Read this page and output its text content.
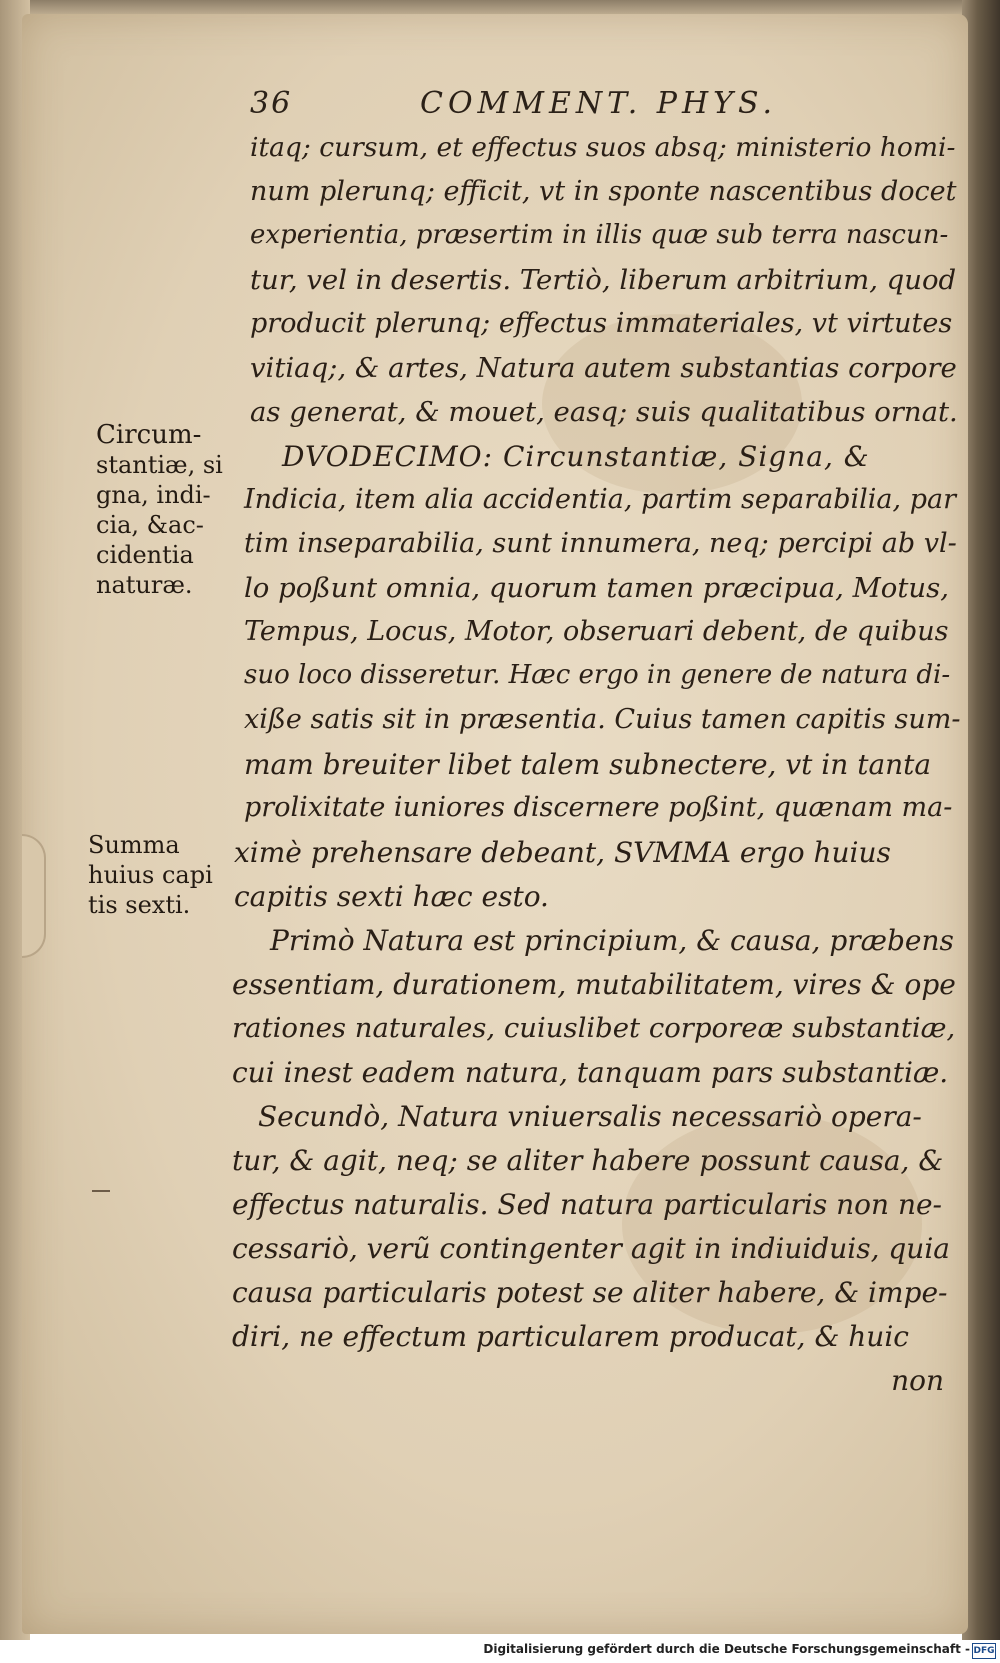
36	COMMENT. PHYS.
Circum-
stantiæ, si
gna, indi-
cia, &ac-
cidentia
naturæ.
Summa
huius capi
tis sexti.
itaq; cursum, et effectus suos absq; ministerio homi-
num plerunq; efficit, vt in sponte nascentibus docet
experientia, præsertim in illis quæ sub terra nascun-
tur, vel in desertis. Tertiò, liberum arbitrium, quod
producit plerunq; effectus immateriales, vt virtutes
vitiaq;, & artes, Natura autem substantias corpore
as generat, & mouet, easq; suis qualitatibus ornat.
DVODECIMO: Circunstantiæ, Signa, &
Indicia, item alia accidentia, partim separabilia, par
tim inseparabilia, sunt innumera, neq; percipi ab vl-
lo poßunt omnia, quorum tamen præcipua, Motus,
Tempus, Locus, Motor, obseruari debent, de quibus
suo loco disseretur. Hæc ergo in genere de natura di-
xiße satis sit in præsentia. Cuius tamen capitis sum-
mam breuiter libet talem subnectere, vt in tanta
prolixitate iuniores discernere poßint, quænam ma-
ximè prehensare debeant, SVMMA ergo huius
capitis sexti hæc esto.
Primò Natura est principium, & causa, præbens
essentiam, durationem, mutabilitatem, vires & ope
rationes naturales, cuiuslibet corporeæ substantiæ,
cui inest eadem natura, tanquam pars substantiæ.
Secundò, Natura vniuersalis necessariò opera-
tur, & agit, neq; se aliter habere possunt causa, &
effectus naturalis. Sed natura particularis non ne-
cessariò, verũ contingenter agit in indiuiduis, quia
causa particularis potest se aliter habere, & impe-
diri, ne effectum particularem producat, & huic
non
Digitalisierung gefördert durch die Deutsche Forschungsgemeinschaft - DFG
